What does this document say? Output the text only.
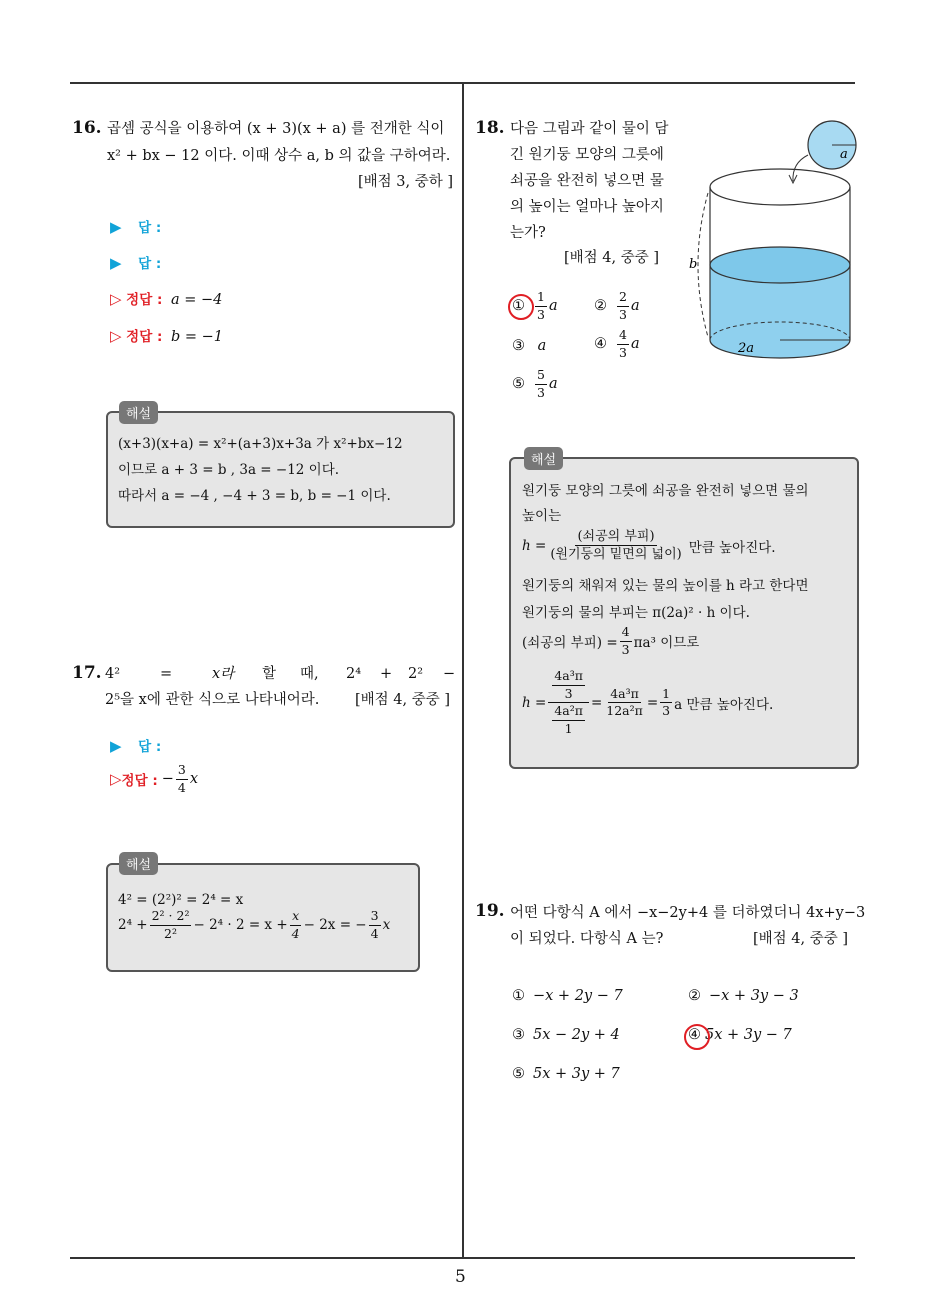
5
16. 곱셈 공식을 이용하여 (x + 3)(x + a) 를 전개한 식이
x² + bx − 12 이다. 이때 상수 a, b 의 값을 구하여라.
[배점 3, 중하 ]
▶ 답 :
▶ 답 :
▷ 정답 : a = −4
▷ 정답 : b = −1
해설
(x+3)(x+a) = x²+(a+3)x+3a 가 x²+bx−12
이므로 a + 3 = b , 3a = −12 이다.
따라서 a = −4 , −4 + 3 = b, b = −1 이다.
17. 4²	=	x라 할 때, 2⁴ + 2² −
2⁵을 x에 관한 식으로 나타내어라. [배점 4, 중중 ]
▶ 답 :
▷ 정답 : − $\frac{3}{4}$ x
해설
4² = (2²)² = 2⁴ = x
$2^4 + \frac{\text{2² · 2²}}{\text{2²}} - 2^4 \cdot 2 = x + \frac{x}{4} - 2x$ = − $\frac{3}{4}$ x
18. 다음 그림과 같이 물이 담
긴 원기둥 모양의 그릇에
쇠공을 완전히 넣으면 물
의 높이는 얼마나 높아지
는가?
[배점 4, 중중 ] b
2a
a
① $\frac{1}{3}$ a	② $\frac{2}{3}$ a
③ a	④ $\frac{4}{3}$ a
⑤ $\frac{5}{3}$ a
해설
원기둥 모양의 그릇에 쇠공을 완전히 넣으면 물의
높이는
$h = \frac{\text{(쇠공의 부피)}}{\text{(원기둥의 밑면의 넓이)}}$ 만큼 높아진다.
원기둥의 채워져 있는 물의 높이를 h 라고 한다면
원기둥의 물의 부피는 π(2a)² · h 이다.
(쇠공의 부피) = $\frac{4}{3} \pi a^3$ 이므로
$h = \frac{\frac{\text{4a³π}}{3}}{\frac{\text{4a²π}}{1}} = \frac{\text{4a³π}}{\text{12a²π}} = \frac{1}{3}$ a 만큼 높아진다.
19. 어떤 다항식 A 에서 −x−2y+4 를 더하였더니 4x+y−3
이 되었다. 다항식 A 는?	[배점 4, 중중 ]
① −x + 2y − 7	② −x + 3y − 3
③ 5x − 2y + 4	④ 5x + 3y − 7
⑤ 5x + 3y + 7
